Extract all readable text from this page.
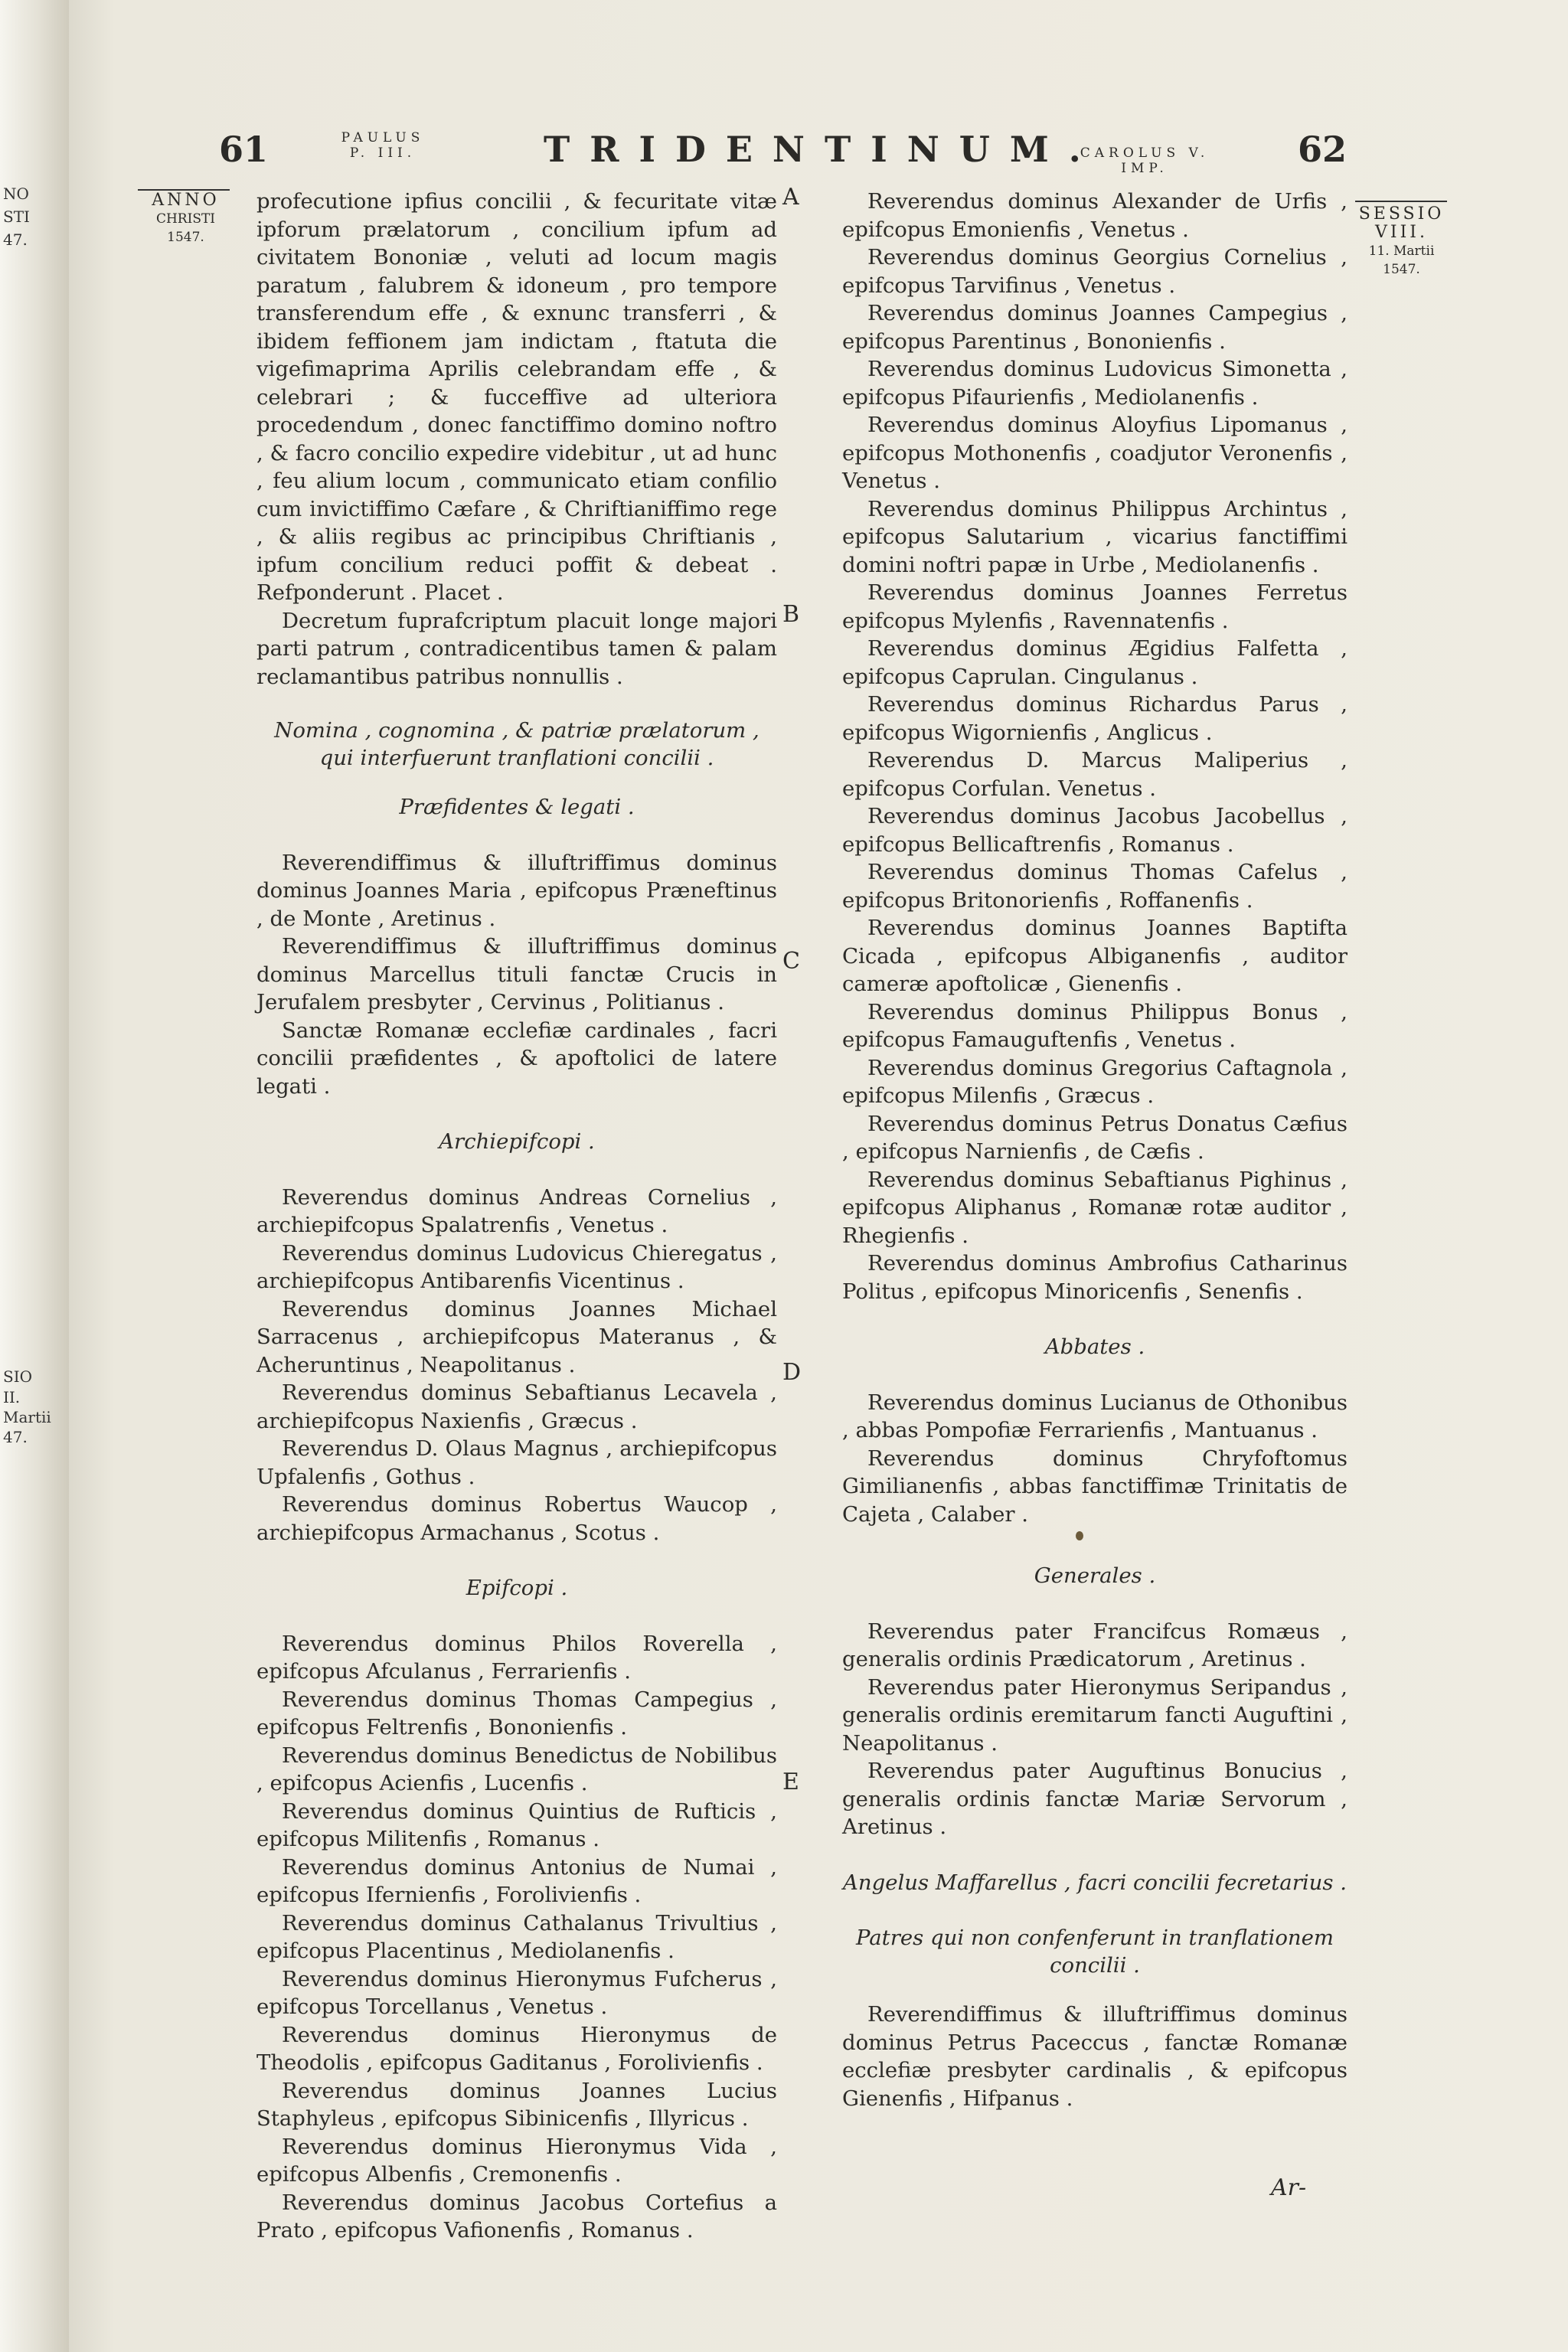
NO
STI
47.
SIO
II.
Martii
47.
61	PAULUS P. III.	TRIDENTINUM.
CAROLUS V. IMP.	62
ANNO
CHRISTI
1547.
SESSIO
VIII.
11. Martii
1547.
A
B
C
D
E

profecutione ipfius concilii , & fecuritate vitæ ipforum prælatorum , concilium ipfum ad civitatem Bononiæ , veluti ad locum magis paratum , falubrem & idoneum , pro tempore transferendum effe , & exnunc transferri , & ibidem feffionem jam indictam , ftatuta die vigefimaprima Aprilis celebrandam effe , & celebrari ; & fucceffive ad ulteriora procedendum , donec fanctiffimo domino noftro , & facro concilio expedire videbitur , ut ad hunc , feu alium locum , communicato etiam confilio cum invictiffimo Cæfare , & Chriftianiffimo rege , & aliis regibus ac principibus Chriftianis , ipfum concilium reduci poffit & debeat . Refponderunt . Placet .

Decretum fuprafcriptum placuit longe majori parti patrum , contradicentibus tamen & palam reclamantibus patribus nonnullis .

Nomina , cognomina , & patriæ prælatorum , qui interfuerunt tranflationi concilii .
Præfidentes & legati .

Reverendiffimus & illuftriffimus dominus dominus Joannes Maria , epifcopus Præneftinus , de Monte , Aretinus .

Reverendiffimus & illuftriffimus dominus dominus Marcellus tituli fanctæ Crucis in Jerufalem presbyter , Cervinus , Politianus .

Sanctæ Romanæ ecclefiæ cardinales , facri concilii præfidentes , & apoftolici de latere legati .

Archiepifcopi .

Reverendus dominus Andreas Cornelius , archiepifcopus Spalatrenfis , Venetus .

Reverendus dominus Ludovicus Chieregatus , archiepifcopus Antibarenfis Vicentinus .

Reverendus dominus Joannes Michael Sarracenus , archiepifcopus Materanus , & Acheruntinus , Neapolitanus .

Reverendus dominus Sebaftianus Lecavela , archiepifcopus Naxienfis , Græcus .

Reverendus D. Olaus Magnus , archiepifcopus Upfalenfis , Gothus .

Reverendus dominus Robertus Waucop , archiepifcopus Armachanus , Scotus .

Epifcopi .

Reverendus dominus Philos Roverella , epifcopus Afculanus , Ferrarienfis .

Reverendus dominus Thomas Campegius , epifcopus Feltrenfis , Bononienfis .

Reverendus dominus Benedictus de Nobilibus , epifcopus Acienfis , Lucenfis .

Reverendus dominus Quintius de Rufticis , epifcopus Militenfis , Romanus .

Reverendus dominus Antonius de Numai , epifcopus Ifernienfis , Forolivienfis .

Reverendus dominus Cathalanus Trivultius , epifcopus Placentinus , Mediolanenfis .

Reverendus dominus Hieronymus Fufcherus , epifcopus Torcellanus , Venetus .

Reverendus dominus Hieronymus de Theodolis , epifcopus Gaditanus , Forolivienfis .

Reverendus dominus Joannes Lucius Staphyleus , epifcopus Sibinicenfis , Illyricus .

Reverendus dominus Hieronymus Vida , epifcopus Albenfis , Cremonenfis .

Reverendus dominus Jacobus Cortefius a Prato , epifcopus Vafionenfis , Romanus .

Reverendus dominus Alexander de Urfis , epifcopus Emonienfis , Venetus .

Reverendus dominus Georgius Cornelius , epifcopus Tarvifinus , Venetus .

Reverendus dominus Joannes Campegius , epifcopus Parentinus , Bononienfis .

Reverendus dominus Ludovicus Simonetta , epifcopus Pifaurienfis , Mediolanenfis .

Reverendus dominus Aloyfius Lipomanus , epifcopus Mothonenfis , coadjutor Veronenfis , Venetus .

Reverendus dominus Philippus Archintus , epifcopus Salutarium , vicarius fanctiffimi domini noftri papæ in Urbe , Mediolanenfis .

Reverendus dominus Joannes Ferretus epifcopus Mylenfis , Ravennatenfis .

Reverendus dominus Ægidius Falfetta , epifcopus Caprulan. Cingulanus .

Reverendus dominus Richardus Parus , epifcopus Wigornienfis , Anglicus .

Reverendus D. Marcus Maliperius , epifcopus Corfulan. Venetus .

Reverendus dominus Jacobus Jacobellus , epifcopus Bellicaftrenfis , Romanus .

Reverendus dominus Thomas Cafelus , epifcopus Britonorienfis , Roffanenfis .

Reverendus dominus Joannes Baptifta Cicada , epifcopus Albiganenfis , auditor cameræ apoftolicæ , Gienenfis .

Reverendus dominus Philippus Bonus , epifcopus Famauguftenfis , Venetus .

Reverendus dominus Gregorius Caftagnola , epifcopus Milenfis , Græcus .

Reverendus dominus Petrus Donatus Cæfius , epifcopus Narnienfis , de Cæfis .

Reverendus dominus Sebaftianus Pighinus , epifcopus Aliphanus , Romanæ rotæ auditor , Rhegienfis .

Reverendus dominus Ambrofius Catharinus Politus , epifcopus Minoricenfis , Senenfis .

Abbates .

Reverendus dominus Lucianus de Othonibus , abbas Pompofiæ Ferrarienfis , Mantuanus .

Reverendus dominus Chryfoftomus Gimilianenfis , abbas fanctiffimæ Trinitatis de Cajeta , Calaber .

Generales .

Reverendus pater Francifcus Romæus , generalis ordinis Prædicatorum , Aretinus .

Reverendus pater Hieronymus Seripandus , generalis ordinis eremitarum fancti Auguftini , Neapolitanus .

Reverendus pater Auguftinus Bonucius , generalis ordinis fanctæ Mariæ Servorum , Aretinus .

Angelus Maffarellus , facri concilii fecretarius .
Patres qui non confenferunt in tranflationem concilii .

Reverendiffimus & illuftriffimus dominus dominus Petrus Paceccus , fanctæ Romanæ ecclefiæ presbyter cardinalis , & epifcopus Gienenfis , Hifpanus .

Ar-
